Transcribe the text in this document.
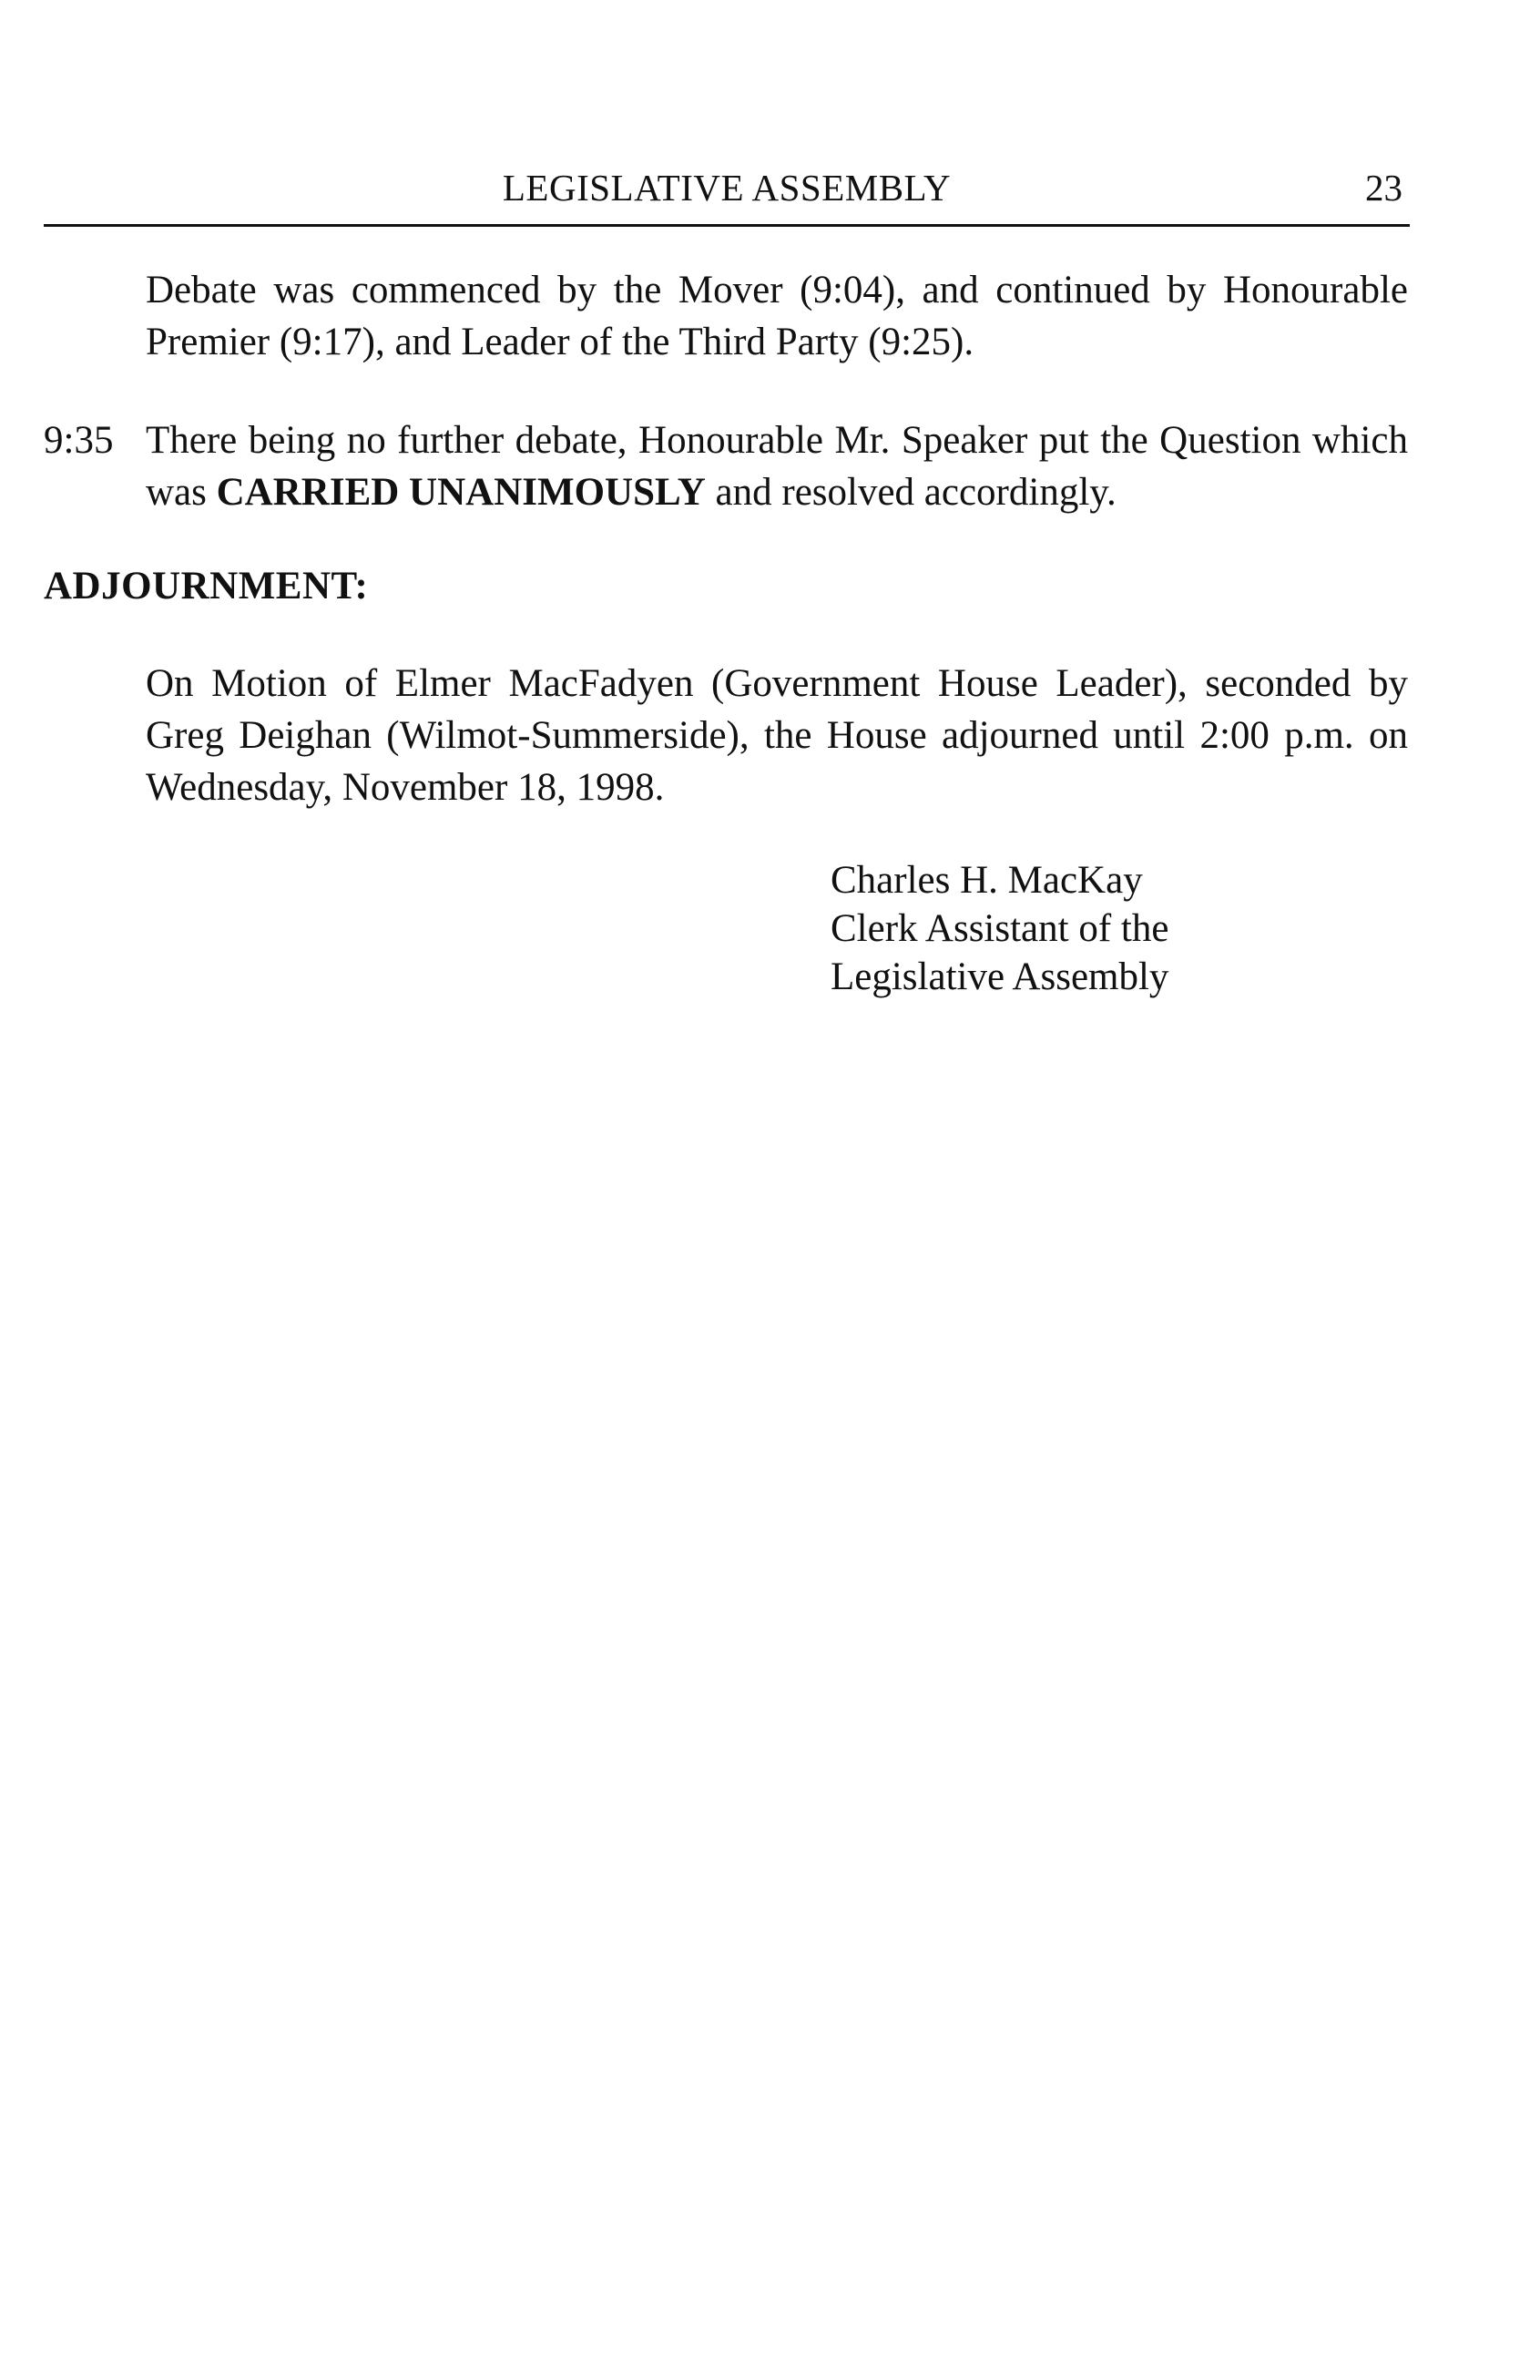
LEGISLATIVE ASSEMBLY	23
Debate was commenced by the Mover (9:04), and continued by Honourable Premier (9:17), and Leader of the Third Party (9:25).
9:35 There being no further debate, Honourable Mr. Speaker put the Question which was CARRIED UNANIMOUSLY and resolved accordingly.
ADJOURNMENT:
On Motion of Elmer MacFadyen (Government House Leader), seconded by Greg Deighan (Wilmot-Summerside), the House adjourned until 2:00 p.m. on Wednesday, November 18, 1998.
Charles H. MacKay
Clerk Assistant of the
Legislative Assembly
